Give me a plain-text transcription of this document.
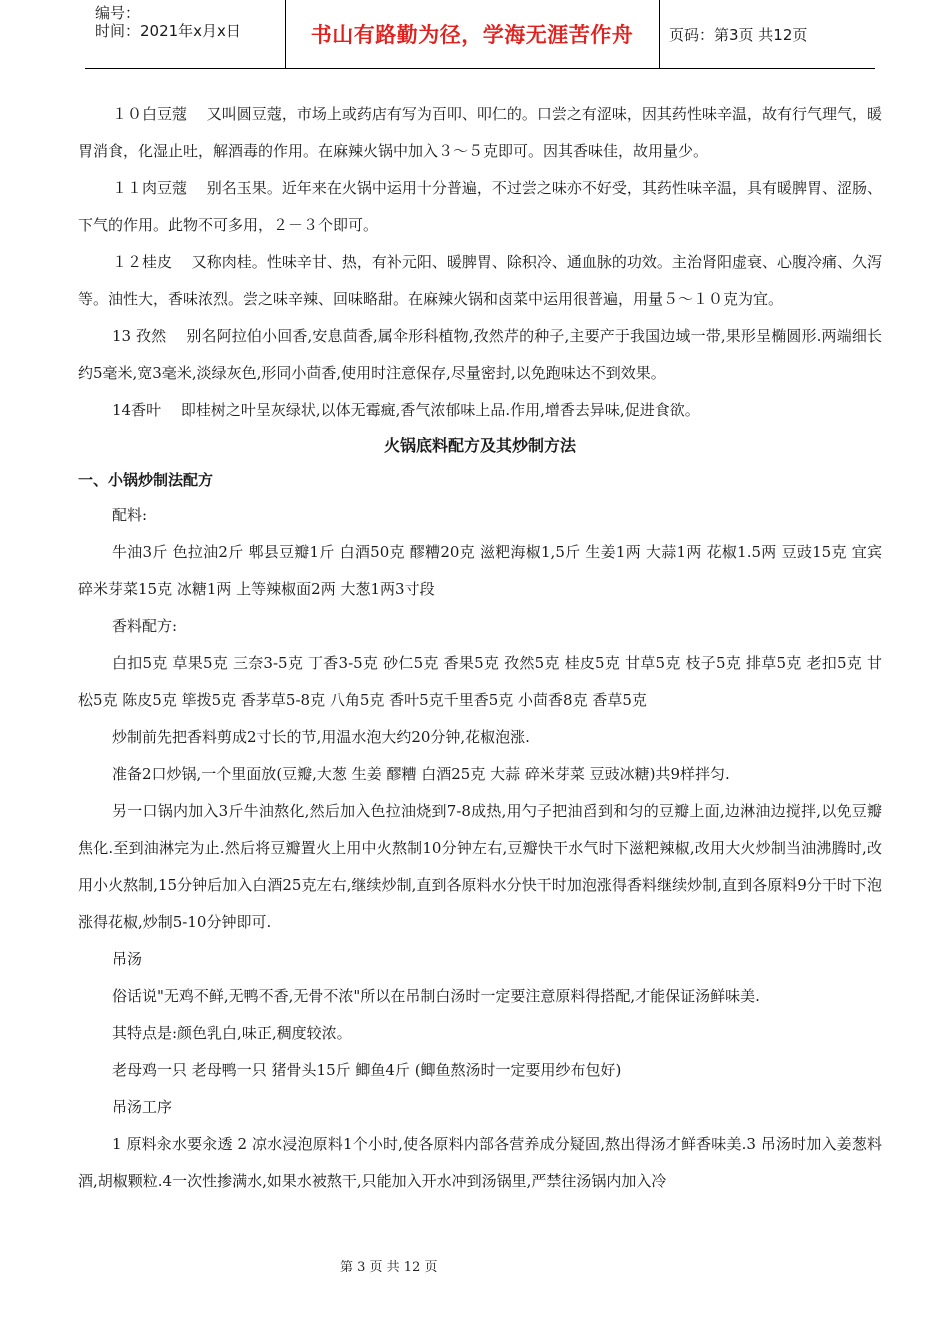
编号：
时间：2021年x月x日	书山有路勤为径，学海无涯苦作舟	页码：第3页 共12页

１０白豆蔻　 又叫圆豆蔻，市场上或药店有写为百叩、叩仁的。口尝之有涩味，因其药性味辛温，故有行气理气，暖胃消食，化湿止吐，解酒毒的作用。在麻辣火锅中加入３～５克即可。因其香味佳，故用量少。

１１肉豆蔻　 别名玉果。近年来在火锅中运用十分普遍，不过尝之味亦不好受，其药性味辛温，具有暖脾胃、涩肠、下气的作用。此物不可多用，２－３个即可。

１２桂皮　 又称肉桂。性味辛甘、热，有补元阳、暖脾胃、除积冷、通血脉的功效。主治肾阳虚衰、心腹冷痛、久泻等。油性大，香味浓烈。尝之味辛辣、回味略甜。在麻辣火锅和卤菜中运用很普遍，用量５～１０克为宜。

13 孜然　 别名阿拉伯小回香,安息茴香,属伞形科植物,孜然芹的种子,主要产于我国边域一带,果形呈椭圆形.两端细长约5毫米,宽3毫米,淡绿灰色,形同小茴香,使用时注意保存,尽量密封,以免跑味达不到效果。

14香叶　 即桂树之叶呈灰绿状,以体无霉癍,香气浓郁味上品.作用,增香去异味,促进食欲。

火锅底料配方及其炒制方法

一、小锅炒制法配方

配料:

牛油3斤 色拉油2斤 郫县豆瓣1斤 白酒50克 醪糟20克 滋粑海椒1,5斤 生姜1两 大蒜1两 花椒1.5两 豆豉15克 宜宾碎米芽菜15克 冰糖1两 上等辣椒面2两 大葱1两3寸段

香料配方:

白扣5克 草果5克 三奈3-5克 丁香3-5克 砂仁5克 香果5克 孜然5克 桂皮5克 甘草5克 枝子5克 排草5克 老扣5克 甘松5克 陈皮5克 筚拨5克 香茅草5-8克 八角5克 香叶5克千里香5克 小茴香8克 香草5克

炒制前先把香料剪成2寸长的节,用温水泡大约20分钟,花椒泡涨.

准备2口炒锅,一个里面放(豆瓣,大葱 生姜 醪糟 白酒25克 大蒜 碎米芽菜 豆豉冰糖)共9样拌匀.

另一口锅内加入3斤牛油熬化,然后加入色拉油烧到7-8成热,用勺子把油舀到和匀的豆瓣上面,边淋油边搅拌,以免豆瓣焦化.至到油淋完为止.然后将豆瓣置火上用中火熬制10分钟左右,豆瓣快干水气时下滋粑辣椒,改用大火炒制当油沸腾时,改用小火熬制,15分钟后加入白酒25克左右,继续炒制,直到各原料水分快干时加泡涨得香料继续炒制,直到各原料9分干时下泡涨得花椒,炒制5-10分钟即可.

吊汤

俗话说"无鸡不鲜,无鸭不香,无骨不浓"所以在吊制白汤时一定要注意原料得搭配,才能保证汤鲜味美.

其特点是:颜色乳白,味正,稠度较浓。

老母鸡一只 老母鸭一只 猪骨头15斤 鲫鱼4斤 (鲫鱼熬汤时一定要用纱布包好)

吊汤工序

1 原料汆水要汆透 2 凉水浸泡原料1个小时,使各原料内部各营养成分疑固,熬出得汤才鲜香味美.3 吊汤时加入姜葱料酒,胡椒颗粒.4一次性掺满水,如果水被熬干,只能加入开水冲到汤锅里,严禁往汤锅内加入冷

第 3 页 共 12 页
